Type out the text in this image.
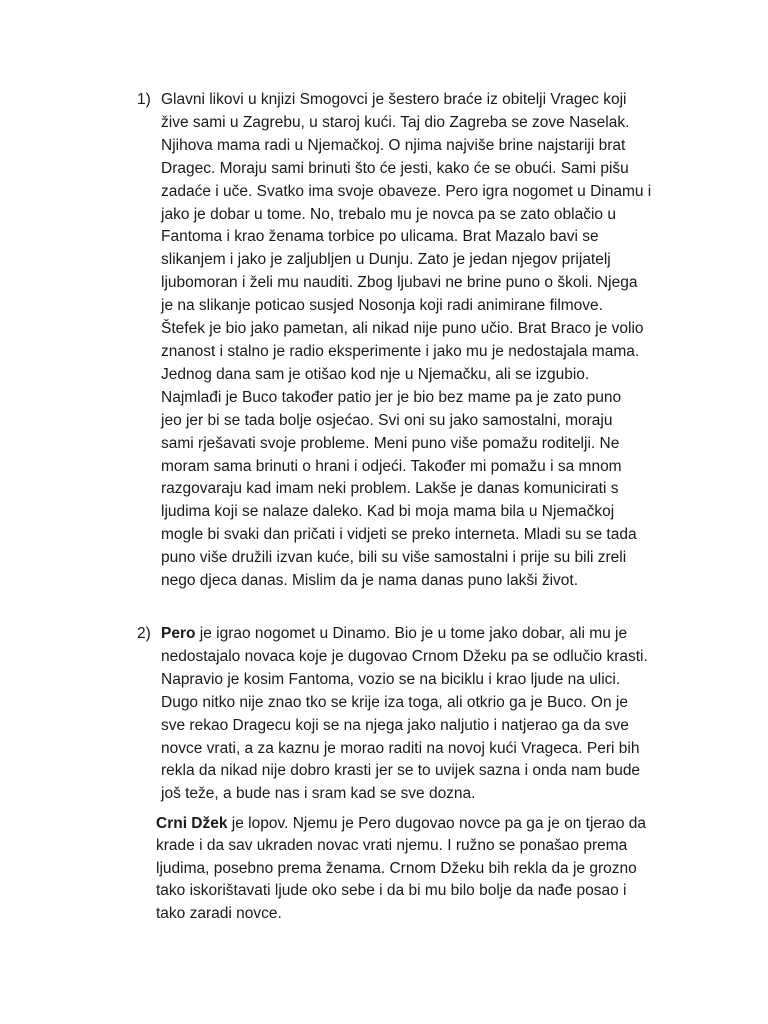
1) Glavni likovi u knjizi Smogovci je šestero braće iz obitelji Vragec koji
žive sami u Zagrebu, u staroj kući. Taj dio Zagreba se zove Naselak.
Njihova mama radi u Njemačkoj. O njima najviše brine najstariji brat
Dragec. Moraju sami brinuti što će jesti, kako će se obući. Sami pišu
zadaće i uče. Svatko ima svoje obaveze. Pero igra nogomet u Dinamu i
jako je dobar u tome. No, trebalo mu je novca pa se zato oblačio u
Fantoma i krao ženama torbice po ulicama. Brat Mazalo bavi se
slikanjem i jako je zaljubljen u Dunju. Zato je jedan njegov prijatelj
ljubomoran i želi mu nauditi. Zbog ljubavi ne brine puno o školi. Njega
je na slikanje poticao susjed Nosonja koji radi animirane filmove.
Štefek je bio jako pametan, ali nikad nije puno učio. Brat Braco je volio
znanost i stalno je radio eksperimente i jako mu je nedostajala mama.
Jednog dana sam je otišao kod nje u Njemačku, ali se izgubio.
Najmlađi je Buco također patio jer je bio bez mame pa je zato puno
jeo jer bi se tada bolje osjećao. Svi oni su jako samostalni, moraju
sami rješavati svoje probleme. Meni puno više pomažu roditelji. Ne
moram sama brinuti o hrani i odjeći. Također mi pomažu i sa mnom
razgovaraju kad imam neki problem. Lakše je danas komunicirati s
ljudima koji se nalaze daleko. Kad bi moja mama bila u Njemačkoj
mogle bi svaki dan pričati i vidjeti se preko interneta. Mladi su se tada
puno više družili izvan kuće, bili su više samostalni i prije su bili zreli
nego djeca danas. Mislim da je nama danas puno lakši život.
2) Pero je igrao nogomet u Dinamo. Bio je u tome jako dobar, ali mu je
nedostajalo novaca koje je dugovao Crnom Džeku pa se odlučio krasti.
Napravio je kosim Fantoma, vozio se na biciklu i krao ljude na ulici.
Dugo nitko nije znao tko se krije iza toga, ali otkrio ga je Buco. On je
sve rekao Dragecu koji se na njega jako naljutio i natjerao ga da sve
novce vrati, a za kaznu je morao raditi na novoj kući Vrageca. Peri bih
rekla da nikad nije dobro krasti jer se to uvijek sazna i onda nam bude
još teže, a bude nas i sram kad se sve dozna.
Crni Džek je lopov. Njemu je Pero dugovao novce pa ga je on tjerao da
krade i da sav ukraden novac vrati njemu. I ružno se ponašao prema
ljudima, posebno prema ženama. Crnom Džeku bih rekla da je grozno
tako iskorištavati ljude oko sebe i da bi mu bilo bolje da nađe posao i
tako zaradi novce.
